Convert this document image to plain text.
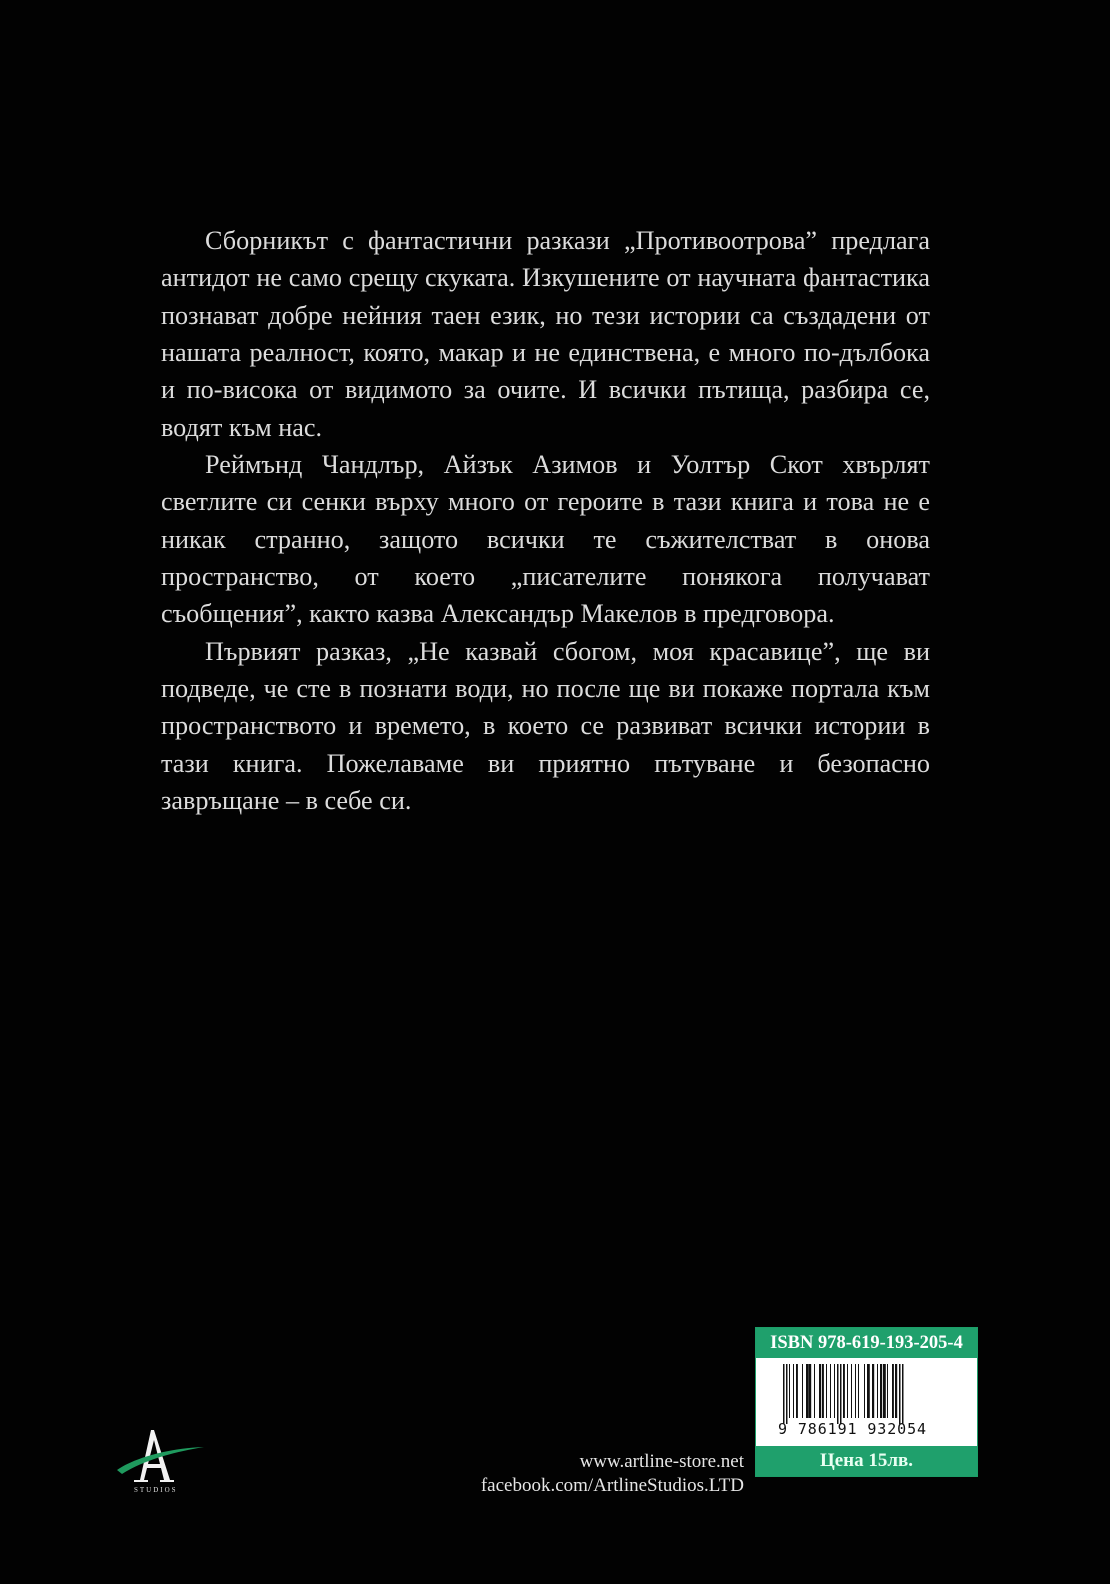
Сборникът с фантастични разкази „Противоотрова” предлага антидот не само срещу скуката. Изкушените от научната фантастика познават добре нейния таен език, но тези истории са създадени от нашата реалност, която, макар и не единствена, е много по-дълбока и по-висока от видимото за очите. И всички пътища, разбира се, водят към нас.

Реймънд Чандлър, Айзък Азимов и Уолтър Скот хвърлят светлите си сенки върху много от героите в тази книга и това не е никак странно, защото всички те съжителстват в онова пространство, от което „писателите понякога получават съобщения”, както казва Александър Макелов в предговора.

Първият разказ, „Не казвай сбогом, моя красавице”, ще ви подведе, че сте в познати води, но после ще ви покаже портала към пространството и времето, в което се развиват всички истории в тази книга. Пожелаваме ви приятно пътуване и безопасно завръщане – в себе си.

STUDIOS
www.artline-store.net
facebook.com/ArtlineStudios.LTD
ISBN 978-619-193-205-4
9 786191 932054
Цена 15лв.
